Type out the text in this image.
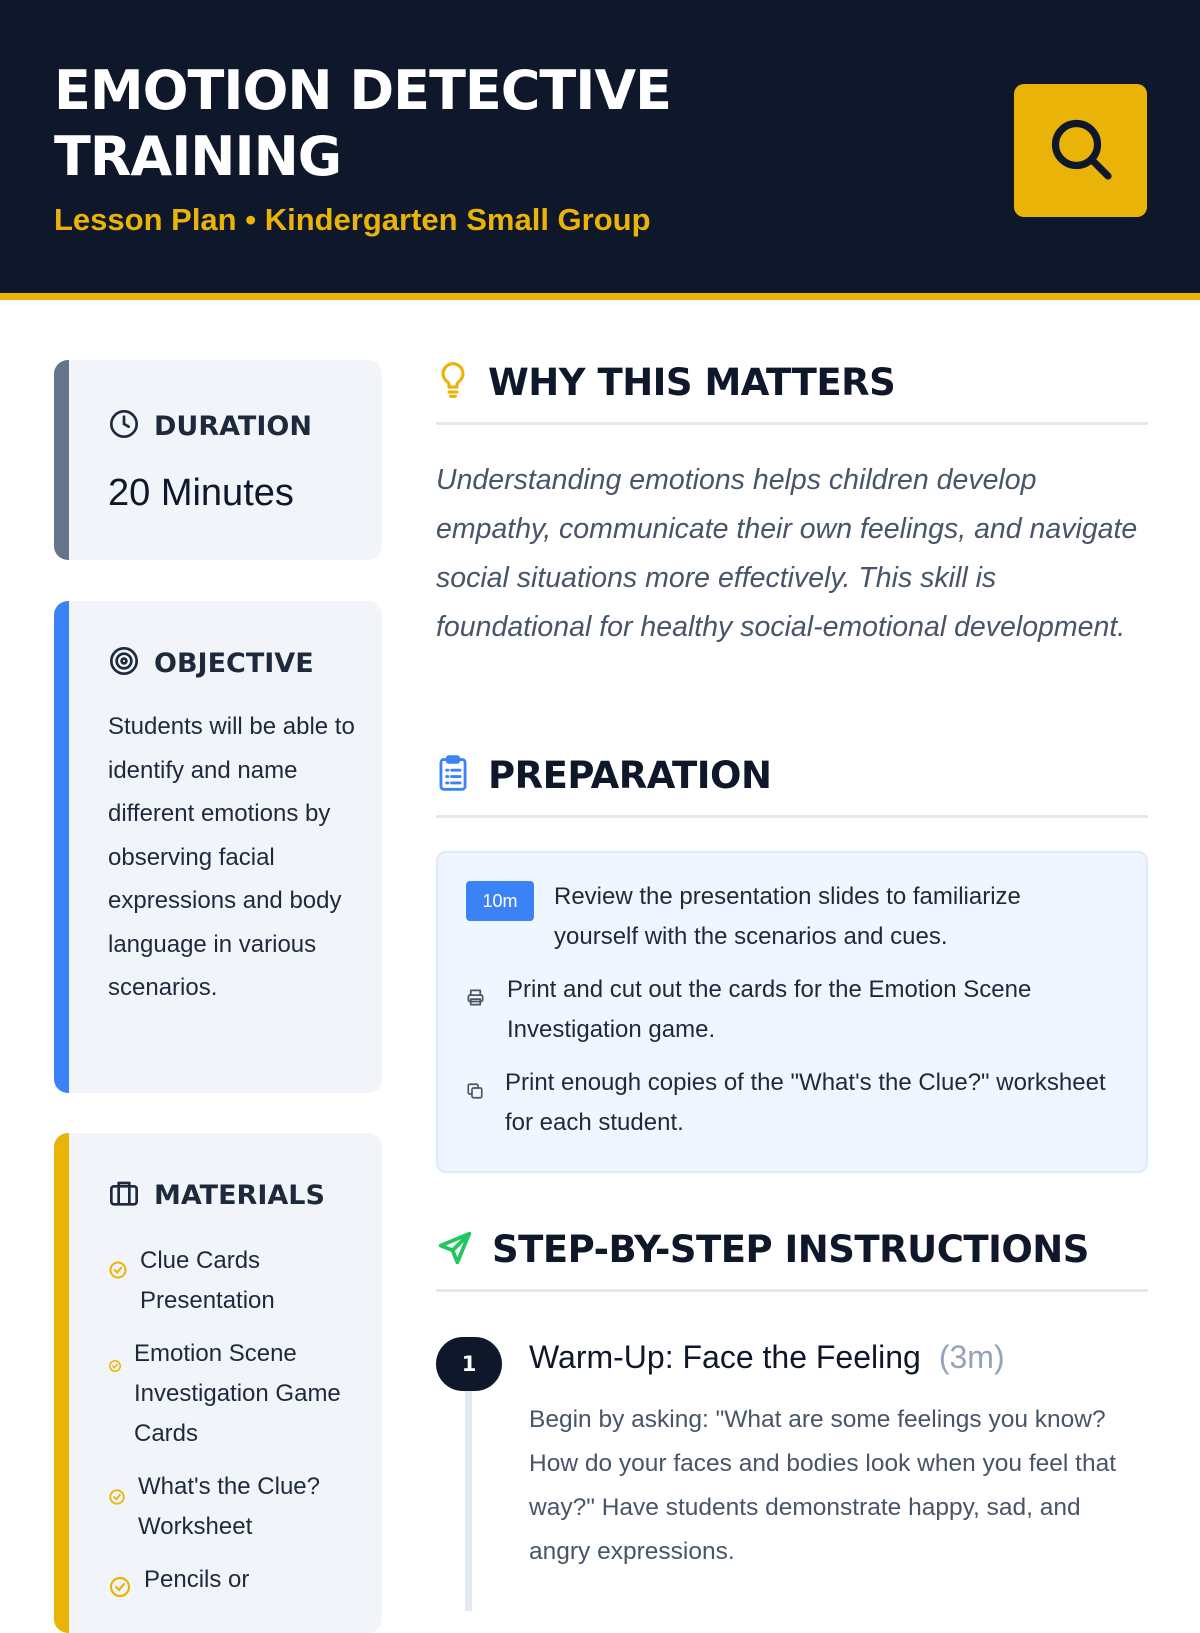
EMOTION DETECTIVE TRAINING
Lesson Plan • Kindergarten Small Group
DURATION
20 Minutes
OBJECTIVE
Students will be able to identify and name different emotions by observing facial expressions and body language in various scenarios.
MATERIALS
Clue Cards Presentation
Emotion Scene Investigation Game Cards
What's the Clue? Worksheet
Pencils or
WHY THIS MATTERS
Understanding emotions helps children develop empathy, communicate their own feelings, and navigate social situations more effectively. This skill is foundational for healthy social-emotional development.
PREPARATION
10m	Review the presentation slides to familiarize yourself with the scenarios and cues.
Print and cut out the cards for the Emotion Scene Investigation game.
Print enough copies of the "What's the Clue?" worksheet for each student.
STEP-BY-STEP INSTRUCTIONS
1	Warm-Up: Face the Feeling (3m)
Begin by asking: "What are some feelings you know? How do your faces and bodies look when you feel that way?" Have students demonstrate happy, sad, and angry expressions.
